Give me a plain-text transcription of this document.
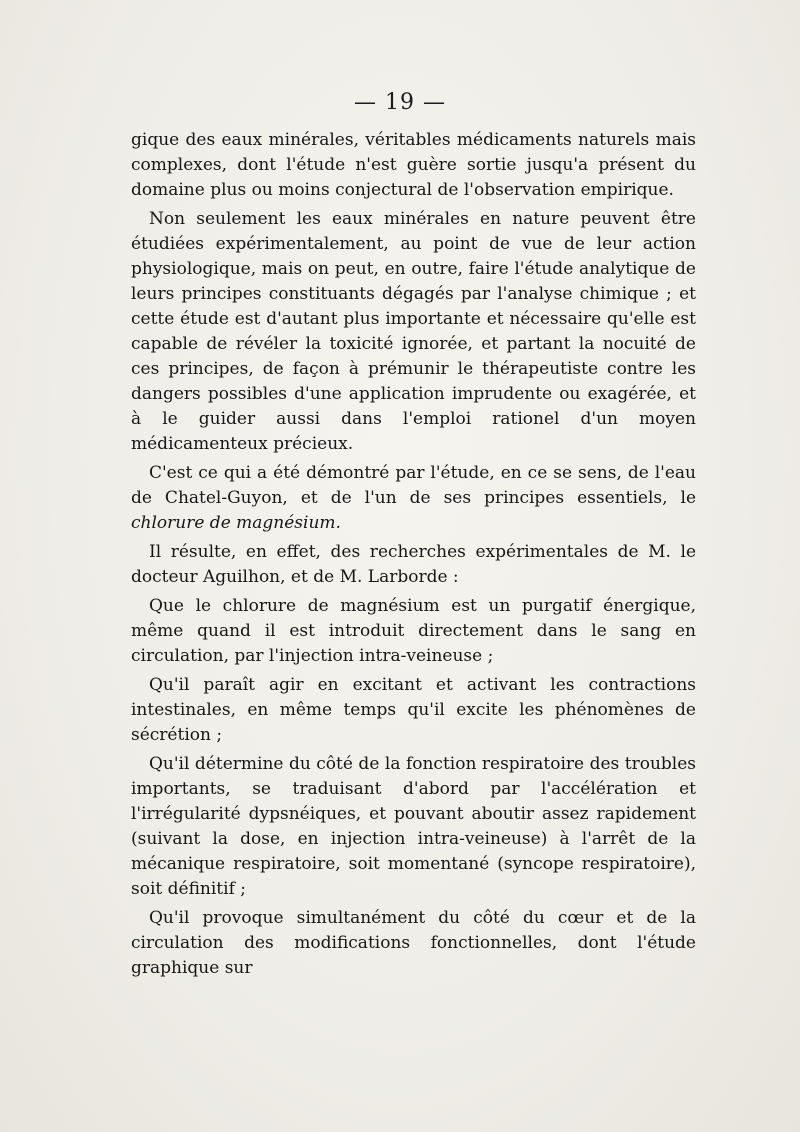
— 19 —

gique des eaux minérales, véritables médicaments naturels mais complexes, dont l'étude n'est guère sortie jusqu'a présent du domaine plus ou moins conjectural de l'observation empirique.

Non seulement les eaux minérales en nature peuvent être étudiées expérimentalement, au point de vue de leur action physiologique, mais on peut, en outre, faire l'étude analytique de leurs principes constituants dégagés par l'analyse chimique ; et cette étude est d'autant plus importante et nécessaire qu'elle est capable de révéler la toxicité ignorée, et partant la nocuité de ces principes, de façon à prémunir le thérapeutiste contre les dangers possibles d'une application imprudente ou exagérée, et à le guider aussi dans l'emploi rationel d'un moyen médicamenteux précieux.

C'est ce qui a été démontré par l'étude, en ce se sens, de l'eau de Chatel-Guyon, et de l'un de ses principes essentiels, le chlorure de magnésium.

Il résulte, en effet, des recherches expérimentales de M. le docteur Aguilhon, et de M. Larborde :

Que le chlorure de magnésium est un purgatif énergique, même quand il est introduit directement dans le sang en circulation, par l'injection intra-veineuse ;

Qu'il paraît agir en excitant et activant les contractions intestinales, en même temps qu'il excite les phénomènes de sécrétion ;

Qu'il détermine du côté de la fonction respiratoire des troubles importants, se traduisant d'abord par l'accélération et l'irrégularité dypsnéiques, et pouvant aboutir assez rapidement (suivant la dose, en injection intra-veineuse) à l'arrêt de la mécanique respiratoire, soit momentané (syncope respiratoire), soit définitif ;

Qu'il provoque simultanément du côté du cœur et de la circulation des modifications fonctionnelles, dont l'étude graphique sur
